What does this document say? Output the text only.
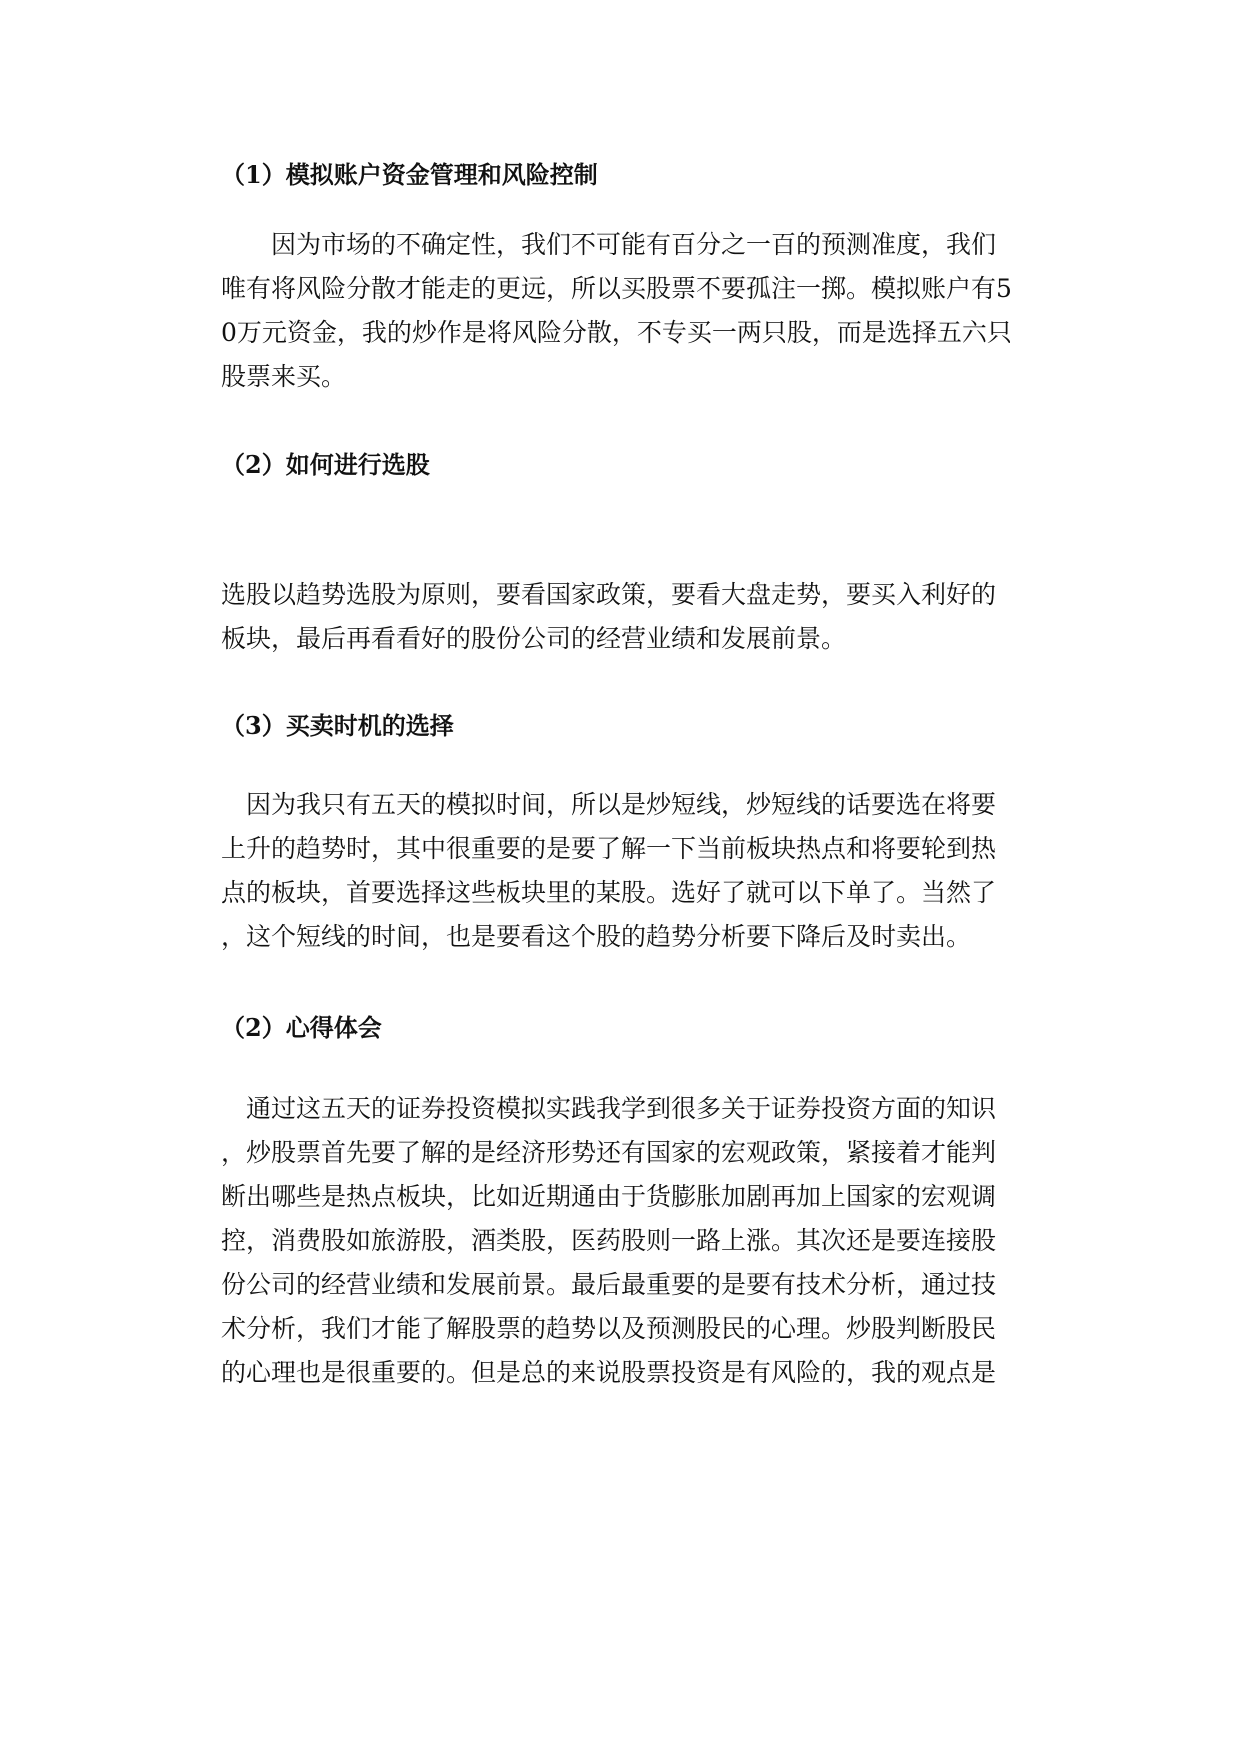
（1）模拟账户资金管理和风险控制

　　因为市场的不确定性，我们不可能有百分之一百的预测准度，我们

唯有将风险分散才能走的更远，所以买股票不要孤注一掷。模拟账户有5

0万元资金，我的炒作是将风险分散，不专买一两只股，而是选择五六只

股票来买。

（2）如何进行选股

选股以趋势选股为原则，要看国家政策，要看大盘走势，要买入利好的

板块，最后再看看好的股份公司的经营业绩和发展前景。

（3）买卖时机的选择

　因为我只有五天的模拟时间，所以是炒短线，炒短线的话要选在将要

上升的趋势时，其中很重要的是要了解一下当前板块热点和将要轮到热

点的板块，首要选择这些板块里的某股。选好了就可以下单了。当然了

，这个短线的时间，也是要看这个股的趋势分析要下降后及时卖出。

（2）心得体会

　通过这五天的证券投资模拟实践我学到很多关于证券投资方面的知识

，炒股票首先要了解的是经济形势还有国家的宏观政策，紧接着才能判

断出哪些是热点板块，比如近期通由于货膨胀加剧再加上国家的宏观调

控，消费股如旅游股，酒类股，医药股则一路上涨。其次还是要连接股

份公司的经营业绩和发展前景。最后最重要的是要有技术分析，通过技

术分析，我们才能了解股票的趋势以及预测股民的心理。炒股判断股民

的心理也是很重要的。但是总的来说股票投资是有风险的，我的观点是
